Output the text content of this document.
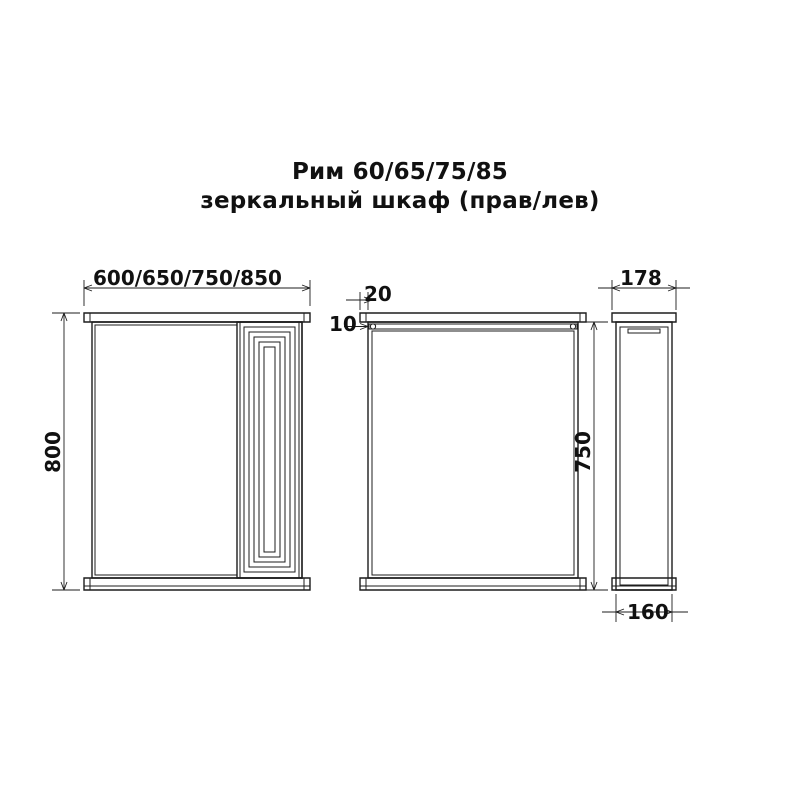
Рим 60/65/75/85
зеркальный шкаф (прав/лев)
600/650/750/850
800
20
10
178
750
160
